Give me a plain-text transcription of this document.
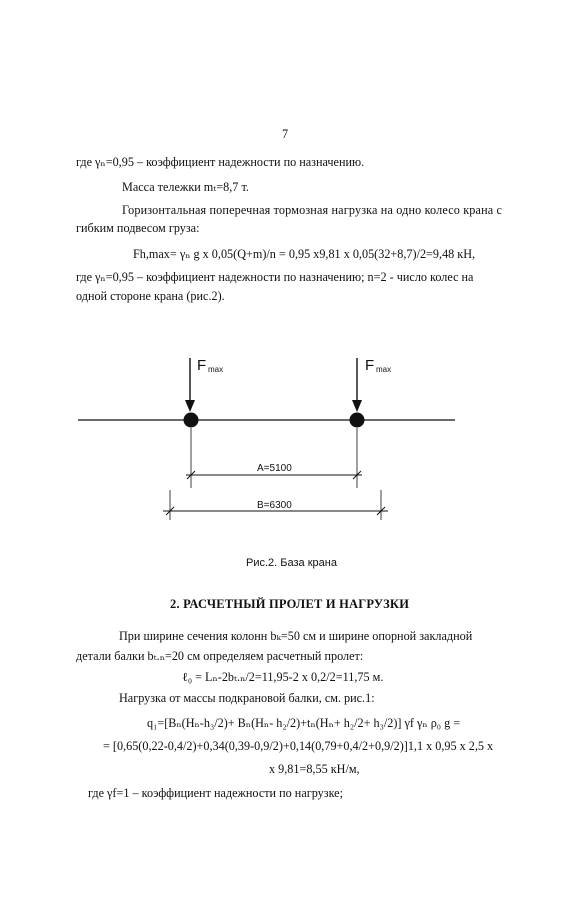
7
где γₙ=0,95 – коэффициент надежности по назначению.
Масса тележки mₜ=8,7 т.
Горизонтальная поперечная тормозная нагрузка на одно колесо крана с
гибким подвесом груза:
Fh,max= γₙ g x 0,05(Q+m)/n = 0,95 x9,81 x 0,05(32+8,7)/2=9,48 кН,
где γₙ=0,95 – коэффициент надежности по назначению; n=2 - число колес на
одной стороне крана (рис.2).
F max	F max
A=5100
B=6300
Рис.2. База крана
2. РАСЧЕТНЫЙ ПРОЛЕТ И НАГРУЗКИ
При ширине сечения колонн bₖ=50 см и ширине опорной закладной
детали балки bₜ.ₙ=20 см определяем расчетный пролет:
ℓ₀ = Lₙ-2bₜ.ₙ/2=11,95-2 x 0,2/2=11,75 м.
Нагрузка от массы подкрановой балки, см. рис.1:
q₁=[Bₙ(Hₙ-h₃/2)+ Bₙ(Hₙ- h₂/2)+tₙ(Hₙ+ h₂/2+ h₃/2)] γf γₙ ρ₀ g =
= [0,65(0,22-0,4/2)+0,34(0,39-0,9/2)+0,14(0,79+0,4/2+0,9/2)]1,1 x 0,95 x 2,5 x
x 9,81=8,55 кН/м,
где γf=1 – коэффициент надежности по нагрузке;
